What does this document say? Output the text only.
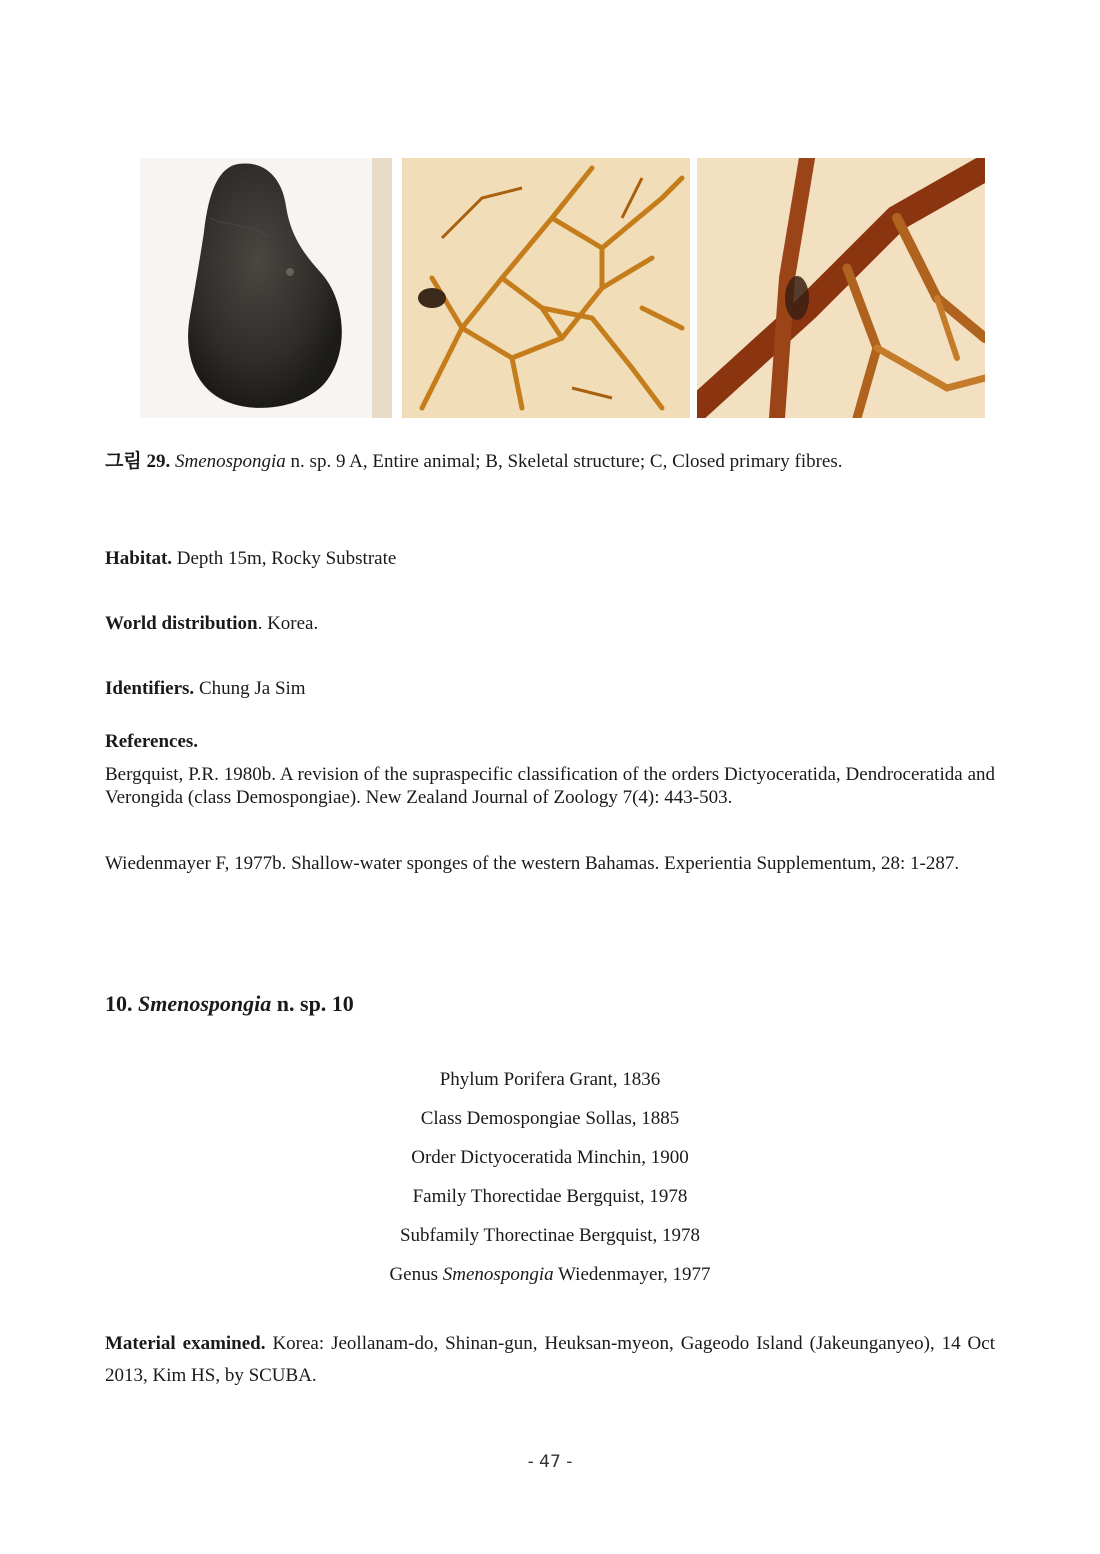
그림 29. Smenospongia n. sp. 9 A, Entire animal; B, Skeletal structure; C, Closed primary fibres.
Habitat. Depth 15m, Rocky Substrate
World distribution. Korea.
Identifiers. Chung Ja Sim
References.
Bergquist, P.R. 1980b. A revision of the supraspecific classification of the orders Dictyoceratida, Dendroceratida and Verongida (class Demospongiae). New Zealand Journal of Zoology 7(4): 443-503.
Wiedenmayer F, 1977b. Shallow-water sponges of the western Bahamas. Experientia Supplementum, 28: 1-287.
10. Smenospongia n. sp. 10
Phylum Porifera Grant, 1836
Class Demospongiae Sollas, 1885
Order Dictyoceratida Minchin, 1900
Family Thorectidae Bergquist, 1978
Subfamily Thorectinae Bergquist, 1978
Genus Smenospongia Wiedenmayer, 1977
Material examined. Korea: Jeollanam-do, Shinan-gun, Heuksan-myeon, Gageodo Island (Jakeunganyeo), 14 Oct 2013, Kim HS, by SCUBA.
- 47 -
